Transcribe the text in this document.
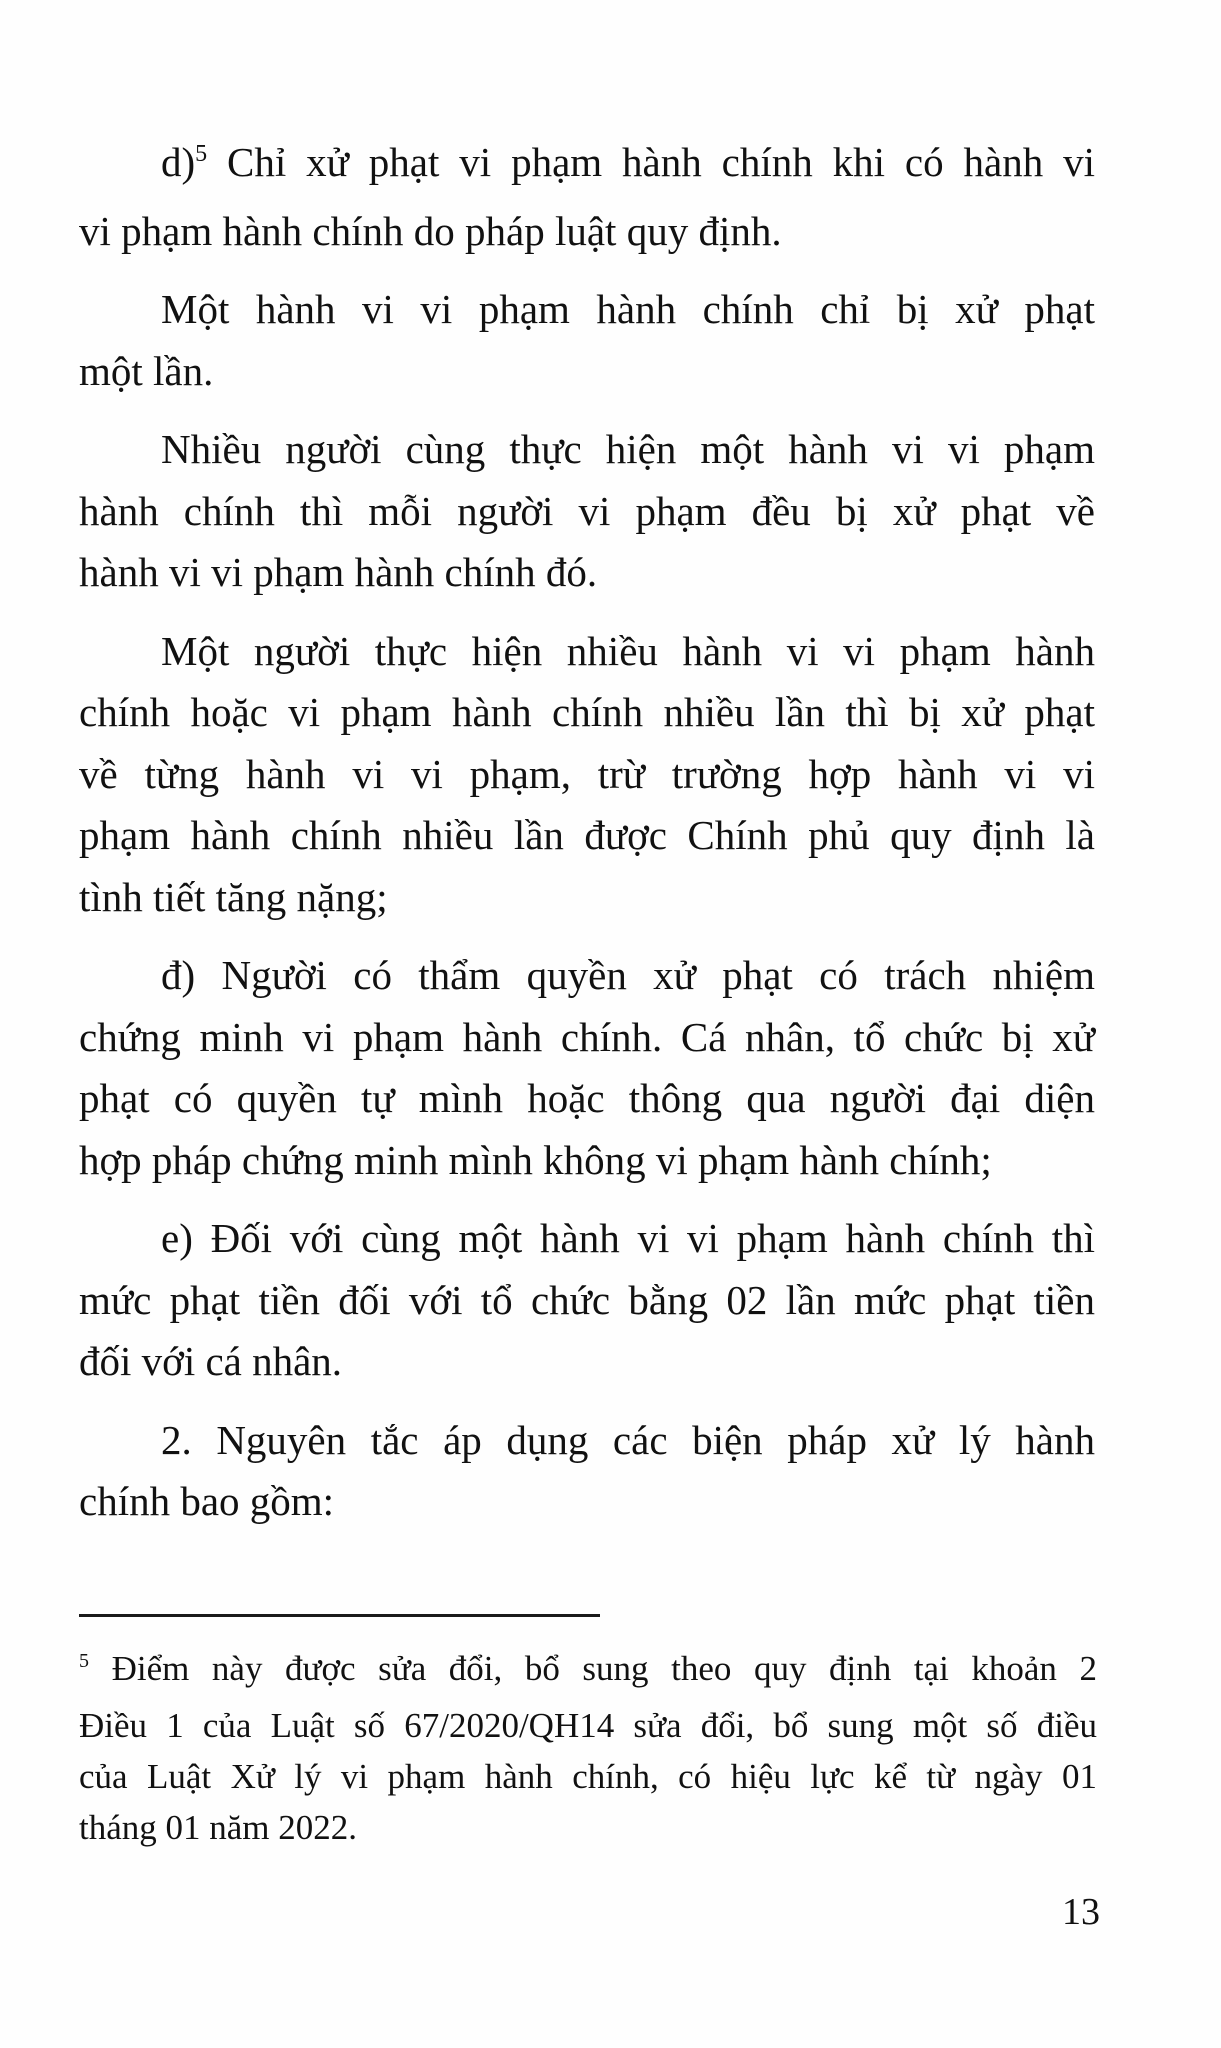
d)$^5$ Chỉ xử phạt vi phạm hành chính khi có hành vi
vi phạm hành chính do pháp luật quy định.

Một hành vi vi phạm hành chính chỉ bị xử phạt
một lần.

Nhiều người cùng thực hiện một hành vi vi phạm
hành chính thì mỗi người vi phạm đều bị xử phạt về
hành vi vi phạm hành chính đó.

Một người thực hiện nhiều hành vi vi phạm hành
chính hoặc vi phạm hành chính nhiều lần thì bị xử phạt
về từng hành vi vi phạm, trừ trường hợp hành vi vi
phạm hành chính nhiều lần được Chính phủ quy định là
tình tiết tăng nặng;

đ) Người có thẩm quyền xử phạt có trách nhiệm
chứng minh vi phạm hành chính. Cá nhân, tổ chức bị xử
phạt có quyền tự mình hoặc thông qua người đại diện
hợp pháp chứng minh mình không vi phạm hành chính;

e) Đối với cùng một hành vi vi phạm hành chính thì
mức phạt tiền đối với tổ chức bằng 02 lần mức phạt tiền
đối với cá nhân.

2. Nguyên tắc áp dụng các biện pháp xử lý hành
chính bao gồm:

$^5$ Điểm này được sửa đổi, bổ sung theo quy định tại khoản 2
Điều 1 của Luật số 67/2020/QH14 sửa đổi, bổ sung một số điều
của Luật Xử lý vi phạm hành chính, có hiệu lực kể từ ngày 01
tháng 01 năm 2022.
13
